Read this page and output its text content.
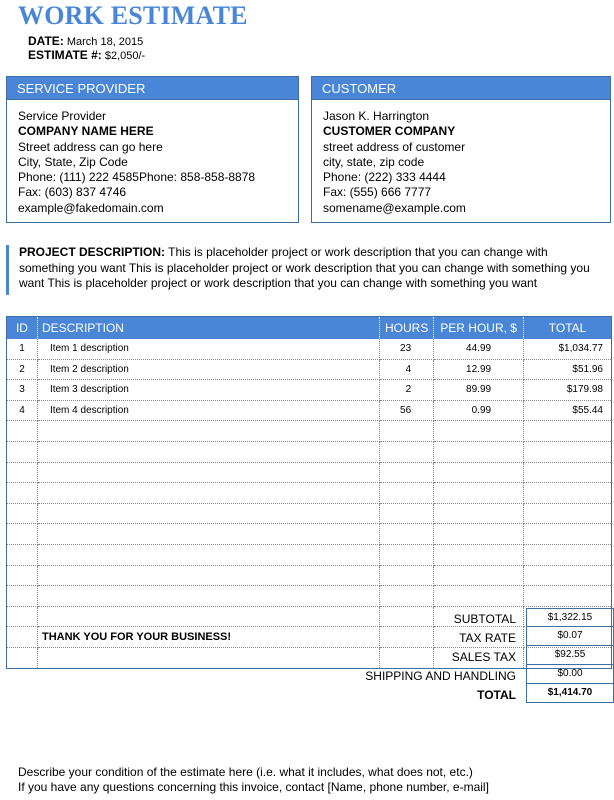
WORK ESTIMATE
DATE: March 18, 2015
ESTIMATE #: $2,050/-
SERVICE PROVIDER
Service Provider
COMPANY NAME HERE
Street address can go here
City, State, Zip Code
Phone: (111) 222 4585Phone: 858-858-8878
Fax: (603) 837 4746
example@fakedomain.com
CUSTOMER
Jason K. Harrington
CUSTOMER COMPANY
street address of customer
city, state, zip code
Phone: (222) 333 4444
Fax: (555) 666 7777
somename@example.com
PROJECT DESCRIPTION: This is placeholder project or work description that you can change with something you want This is placeholder project or work description that you can change with something you want This is placeholder project or work description that you can change with something you want
ID	DESCRIPTION	HOURS	PER HOUR, $	TOTAL
1	Item 1 description	23	44.99	$1,034.77
2	Item 2 description	4	12.99	$51.96
3	Item 3 description	2	89.99	$179.98
4	Item 4 description	56	0.99	$55.44

THANK YOU FOR YOUR BUSINESS!
SUBTOTAL	$1,322.15
TAX RATE	$0.07
SALES TAX	$92.55
SHIPPING AND HANDLING	$0.00
TOTAL	$1,414.70
Describe your condition of the estimate here (i.e. what it includes, what does not, etc.)
If you have any questions concerning this invoice, contact [Name, phone number, e-mail]
